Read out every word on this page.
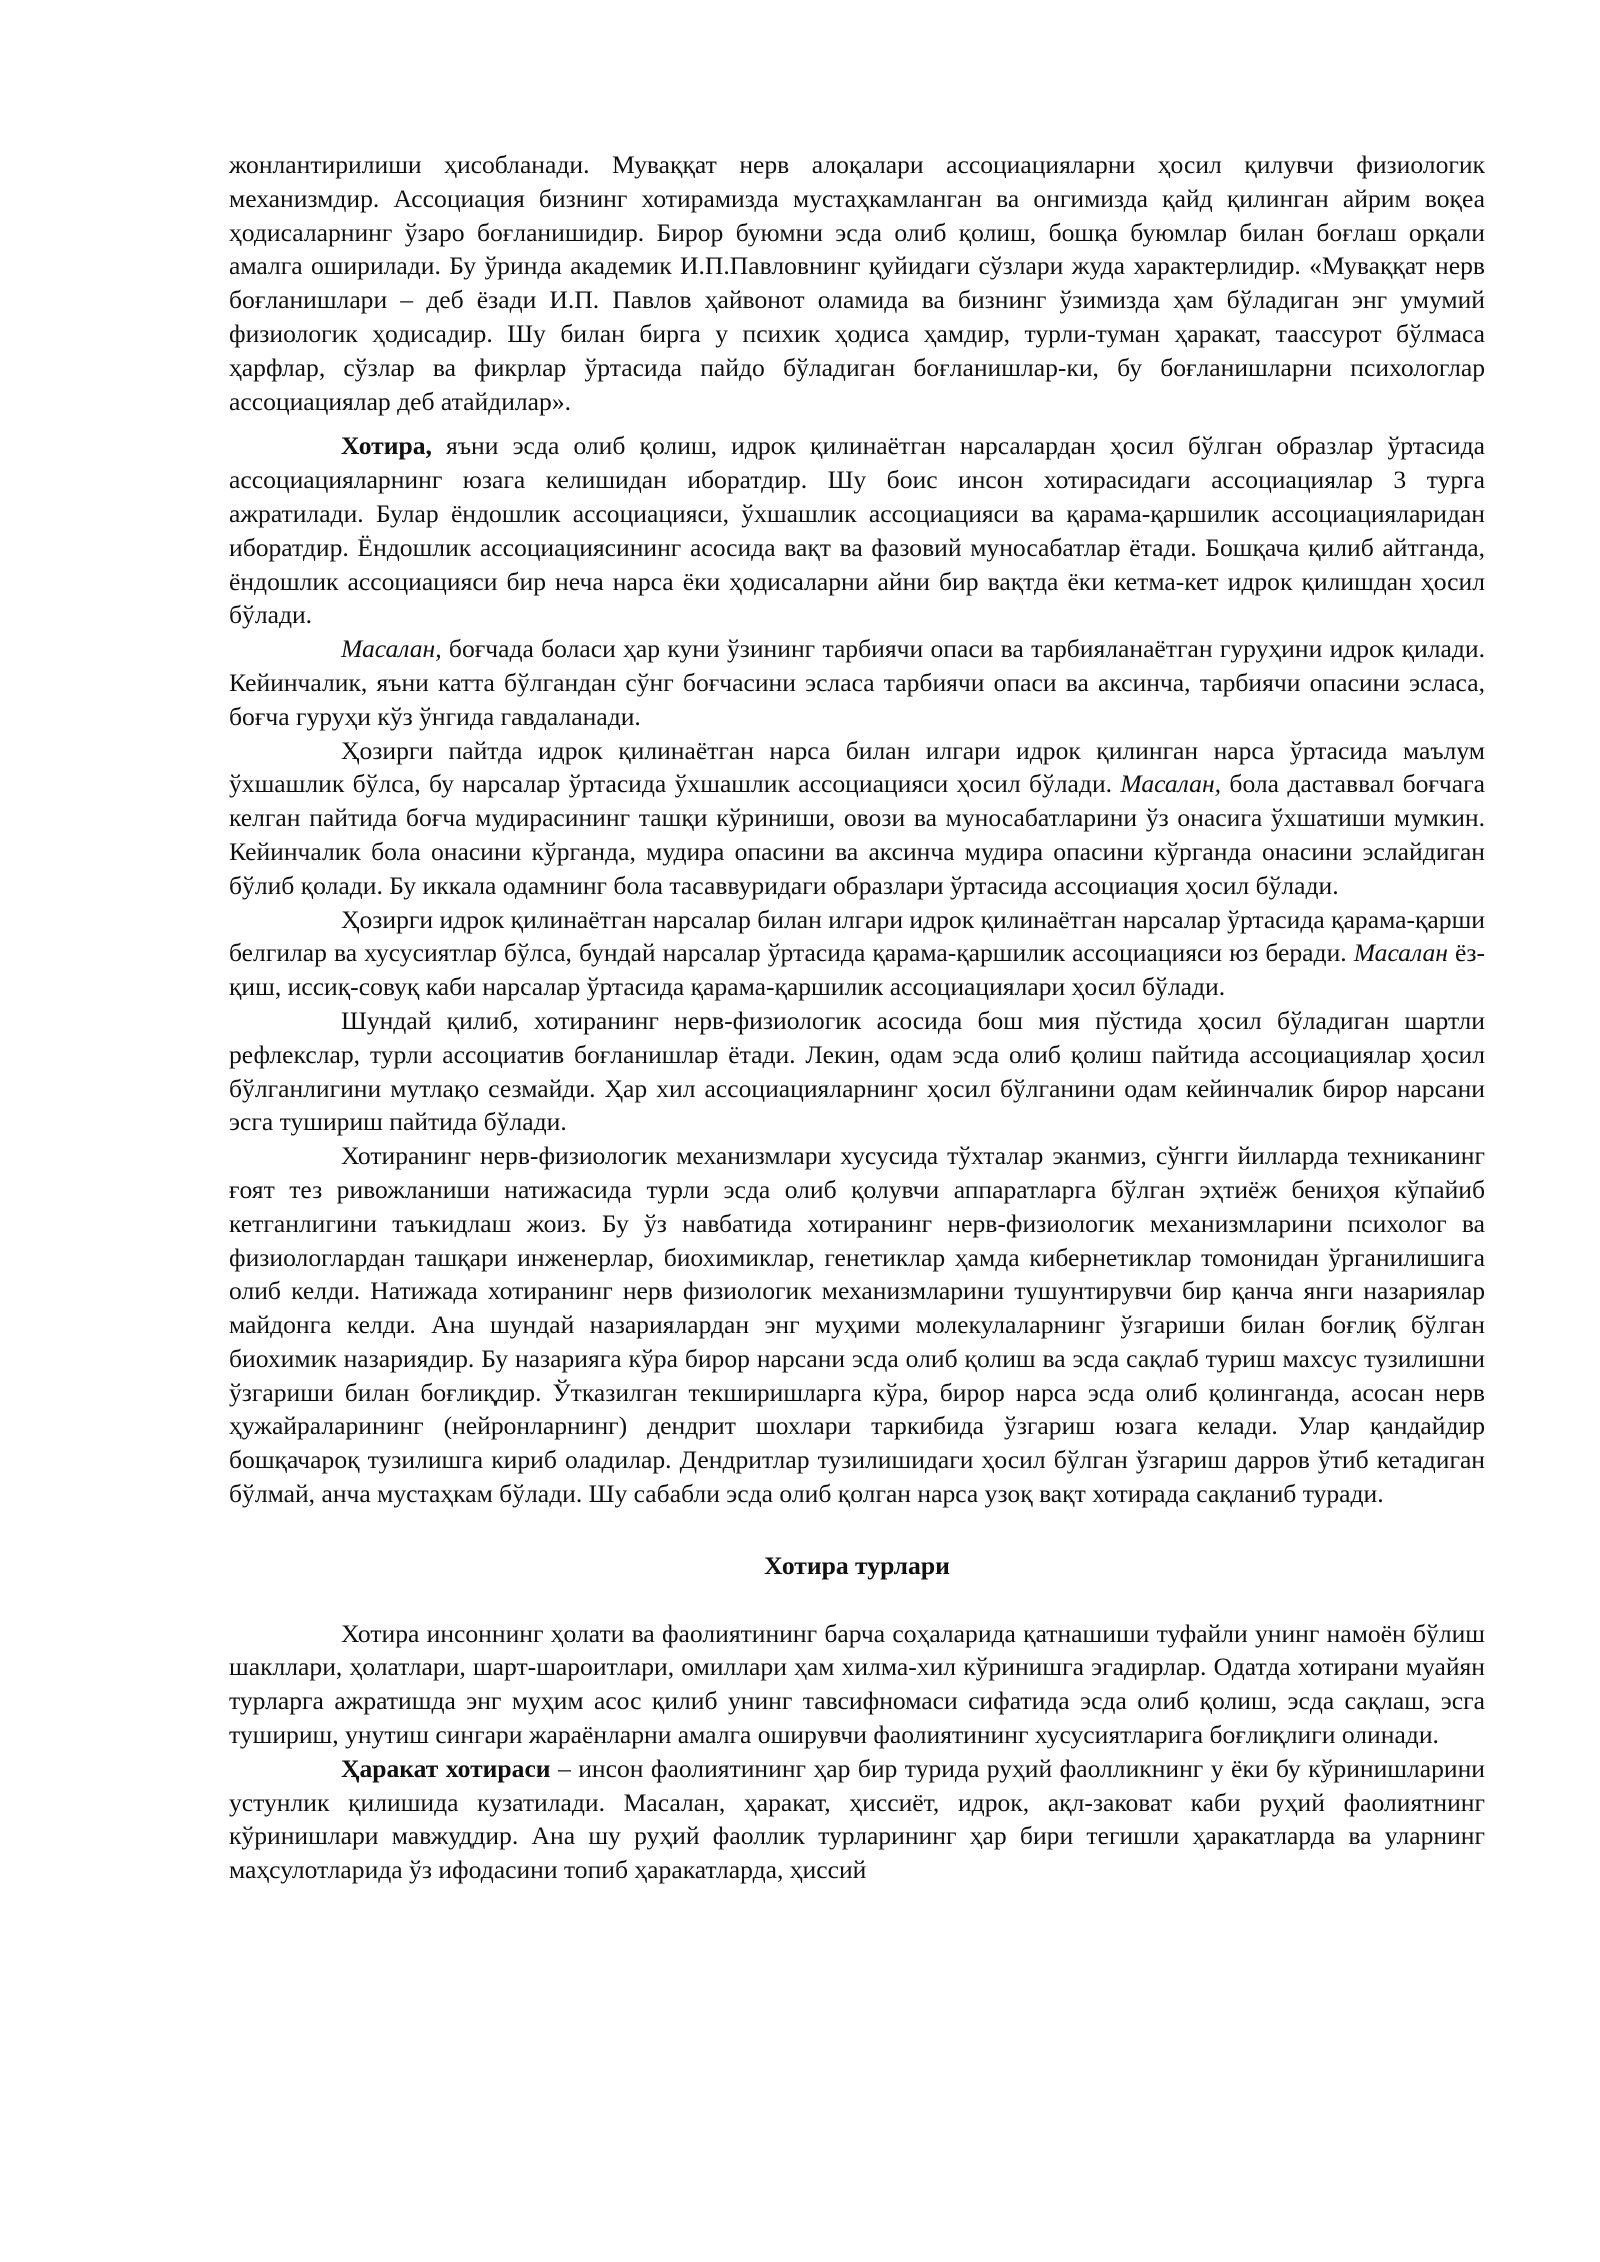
жонлантирилиши ҳисобланади. Муваққат нерв алоқалари ассоциацияларни ҳосил қилувчи физиологик механизмдир. Ассоциация бизнинг хотирамизда мустаҳкамланган ва онгимизда қайд қилинган айрим воқеа ҳодисаларнинг ўзаро боғланишидир. Бирор буюмни эсда олиб қолиш, бошқа буюмлар билан боғлаш орқали амалга оширилади. Бу ўринда академик И.П.Павловнинг қуйидаги сўзлари жуда характерлидир. «Муваққат нерв боғланишлари – деб ёзади И.П. Павлов ҳайвонот оламида ва бизнинг ўзимизда ҳам бўладиган энг умумий физиологик ҳодисадир. Шу билан бирга у психик ҳодиса ҳамдир, турли-туман ҳаракат, таассурот бўлмаса ҳарфлар, сўзлар ва фикрлар ўртасида пайдо бўладиган боғланишлар-ки, бу боғланишларни психологлар ассоциациялар деб атайдилар».

Хотира, яъни эсда олиб қолиш, идрок қилинаётган нарсалардан ҳосил бўлган образлар ўртасида ассоциацияларнинг юзага келишидан иборатдир. Шу боис инсон хотирасидаги ассоциациялар 3 турга ажратилади. Булар ёндошлик ассоциацияси, ўхшашлик ассоциацияси ва қарама-қаршилик ассоциацияларидан иборатдир. Ёндошлик ассоциациясининг асосида вақт ва фазовий муносабатлар ётади. Бошқача қилиб айтганда, ёндошлик ассоциацияси бир неча нарса ёки ҳодисаларни айни бир вақтда ёки кетма-кет идрок қилишдан ҳосил бўлади.

Масалан, боғчада боласи ҳар куни ўзининг тарбиячи опаси ва тарбияланаётган гуруҳини идрок қилади. Кейинчалик, яъни катта бўлгандан сўнг боғчасини эсласа тарбиячи опаси ва аксинча, тарбиячи опасини эсласа, боғча гуруҳи кўз ўнгида гавдаланади.

Ҳозирги пайтда идрок қилинаётган нарса билан илгари идрок қилинган нарса ўртасида маълум ўхшашлик бўлса, бу нарсалар ўртасида ўхшашлик ассоциацияси ҳосил бўлади. Масалан, бола даставвал боғчага келган пайтида боғча мудирасининг ташқи кўриниши, овози ва муносабатларини ўз онасига ўхшатиши мумкин. Кейинчалик бола онасини кўрганда, мудира опасини ва аксинча мудира опасини кўрганда онасини эслайдиган бўлиб қолади. Бу иккала одамнинг бола тасаввуридаги образлари ўртасида ассоциация ҳосил бўлади.

Ҳозирги идрок қилинаётган нарсалар билан илгари идрок қилинаётган нарсалар ўртасида қарама-қарши белгилар ва хусусиятлар бўлса, бундай нарсалар ўртасида қарама-қаршилик ассоциацияси юз беради. Масалан ёз-қиш, иссиқ-совуқ каби нарсалар ўртасида қарама-қаршилик ассоциациялари ҳосил бўлади.

Шундай қилиб, хотиранинг нерв-физиологик асосида бош мия пўстида ҳосил бўладиган шартли рефлекслар, турли ассоциатив боғланишлар ётади. Лекин, одам эсда олиб қолиш пайтида ассоциациялар ҳосил бўлганлигини мутлақо сезмайди. Ҳар хил ассоциацияларнинг ҳосил бўлганини одам кейинчалик бирор нарсани эсга тушириш пайтида бўлади.

Хотиранинг нерв-физиологик механизмлари хусусида тўхталар эканмиз, сўнгги йилларда техниканинг ғоят тез ривожланиши натижасида турли эсда олиб қолувчи аппаратларга бўлган эҳтиёж бениҳоя кўпайиб кетганлигини таъкидлаш жоиз. Бу ўз навбатида хотиранинг нерв-физиологик механизмларини психолог ва физиологлардан ташқари инженерлар, биохимиклар, генетиклар ҳамда кибернетиклар томонидан ўрганилишига олиб келди. Натижада хотиранинг нерв физиологик механизмларини тушунтирувчи бир қанча янги назариялар майдонга келди. Ана шундай назариялардан энг муҳими молекулаларнинг ўзгариши билан боғлиқ бўлган биохимик назариядир. Бу назарияга кўра бирор нарсани эсда олиб қолиш ва эсда сақлаб туриш махсус тузилишни ўзгариши билан боғлиқдир. Ўтказилган текширишларга кўра, бирор нарса эсда олиб қолинганда, асосан нерв ҳужайраларининг (нейронларнинг) дендрит шохлари таркибида ўзгариш юзага келади. Улар қандайдир бошқачароқ тузилишга кириб оладилар. Дендритлар тузилишидаги ҳосил бўлган ўзгариш дарров ўтиб кетадиган бўлмай, анча мустаҳкам бўлади. Шу сабабли эсда олиб қолган нарса узоқ вақт хотирада сақланиб туради.

Хотира турлари

Хотира инсоннинг ҳолати ва фаолиятининг барча соҳаларида қатнашиши туфайли унинг намоён бўлиш шакллари, ҳолатлари, шарт-шароитлари, омиллари ҳам хилма-хил кўринишга эгадирлар. Одатда хотирани муайян турларга ажратишда энг муҳим асос қилиб унинг тавсифномаси сифатида эсда олиб қолиш, эсда сақлаш, эсга тушириш, унутиш сингари жараёнларни амалга оширувчи фаолиятининг хусусиятларига боғлиқлиги олинади.

Ҳаракат хотираси – инсон фаолиятининг ҳар бир турида руҳий фаолликнинг у ёки бу кўринишларини устунлик қилишида кузатилади. Масалан, ҳаракат, ҳиссиёт, идрок, ақл-заковат каби руҳий фаолиятнинг кўринишлари мавжуддир. Ана шу руҳий фаоллик турларининг ҳар бири тегишли ҳаракатларда ва уларнинг маҳсулотларида ўз ифодасини топиб ҳаракатларда, ҳиссий
